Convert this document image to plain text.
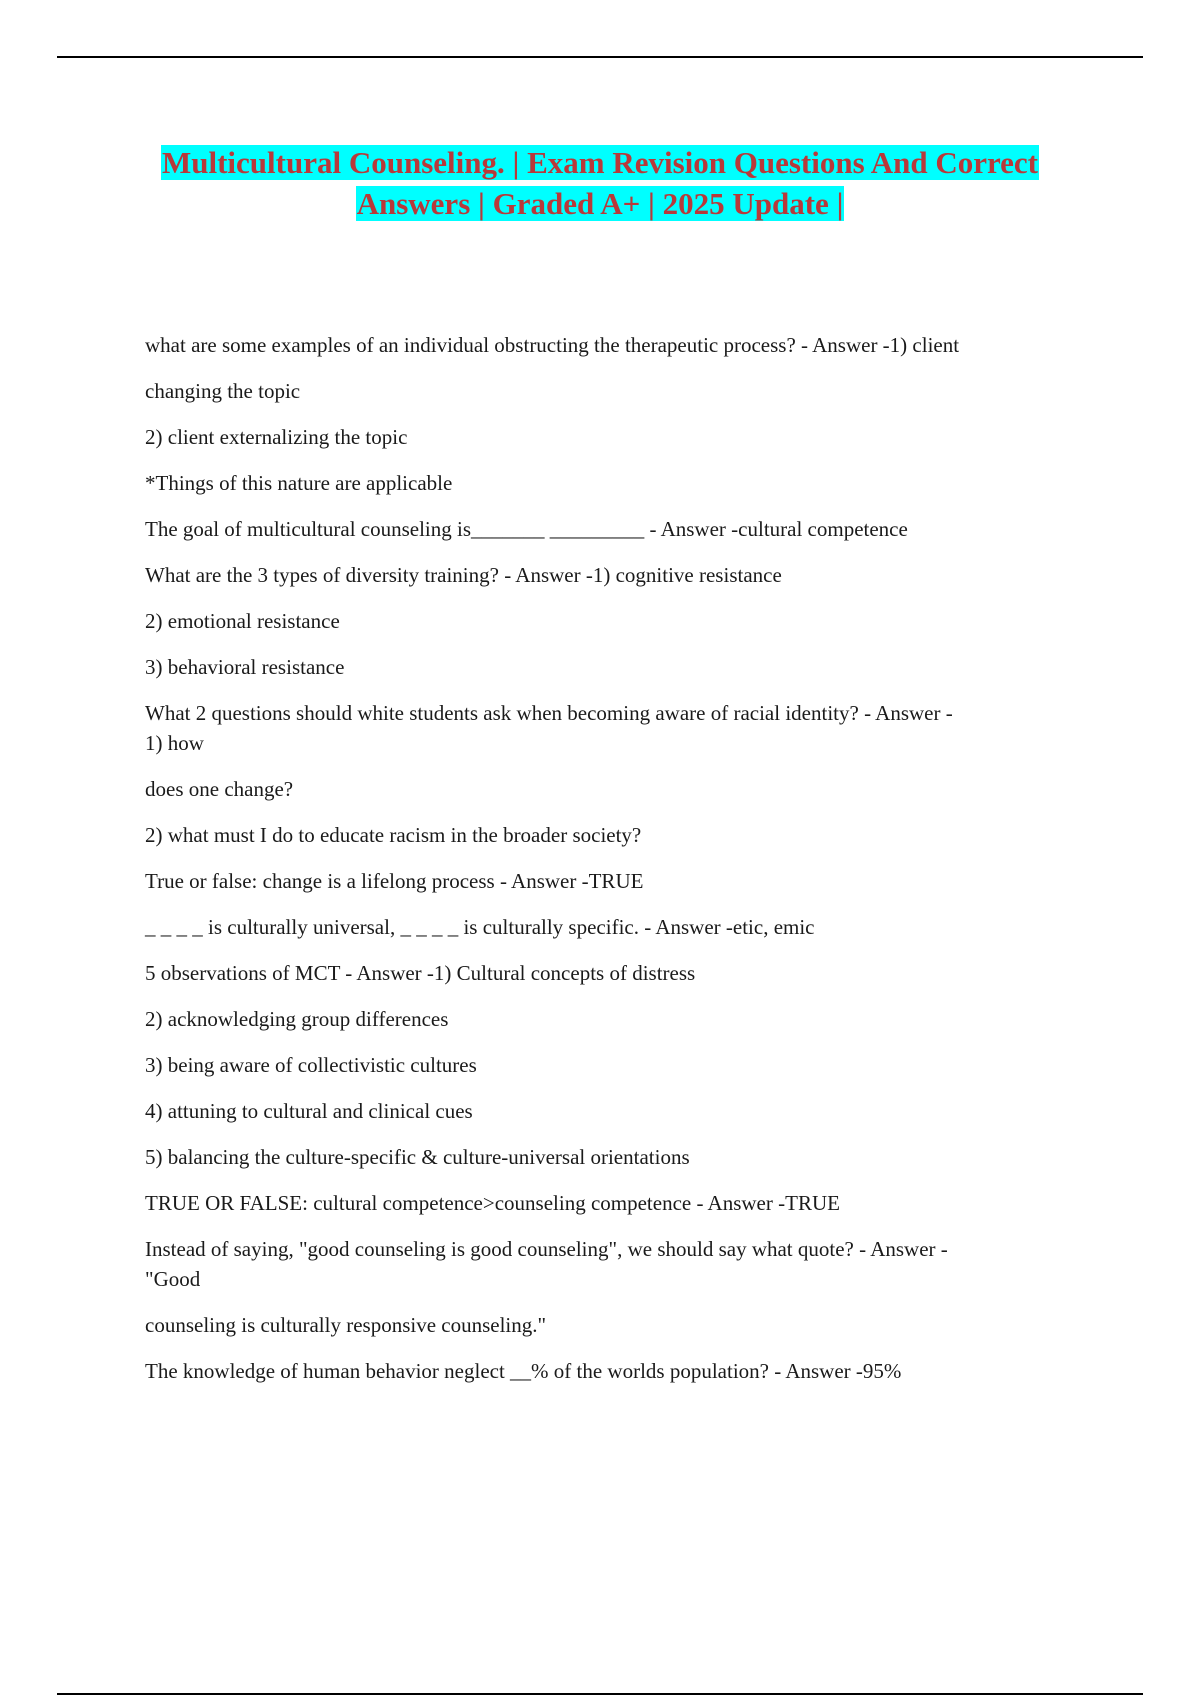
Multicultural Counseling. | Exam Revision Questions And Correct
Answers | Graded A+ | 2025 Update |

what are some examples of an individual obstructing the therapeutic process? - Answer -1) client

changing the topic

2) client externalizing the topic

*Things of this nature are applicable

The goal of multicultural counseling is_______ _________ - Answer -cultural competence

What are the 3 types of diversity training? - Answer -1) cognitive resistance

2) emotional resistance

3) behavioral resistance

What 2 questions should white students ask when becoming aware of racial identity? - Answer -
1) how

does one change?

2) what must I do to educate racism in the broader society?

True or false: change is a lifelong process - Answer -TRUE

_ _ _ _ is culturally universal, _ _ _ _ is culturally specific. - Answer -etic, emic

5 observations of MCT - Answer -1) Cultural concepts of distress

2) acknowledging group differences

3) being aware of collectivistic cultures

4) attuning to cultural and clinical cues

5) balancing the culture-specific & culture-universal orientations

TRUE OR FALSE: cultural competence>counseling competence - Answer -TRUE

Instead of saying, "good counseling is good counseling", we should say what quote? - Answer -
"Good

counseling is culturally responsive counseling."

The knowledge of human behavior neglect __% of the worlds population? - Answer -95%
